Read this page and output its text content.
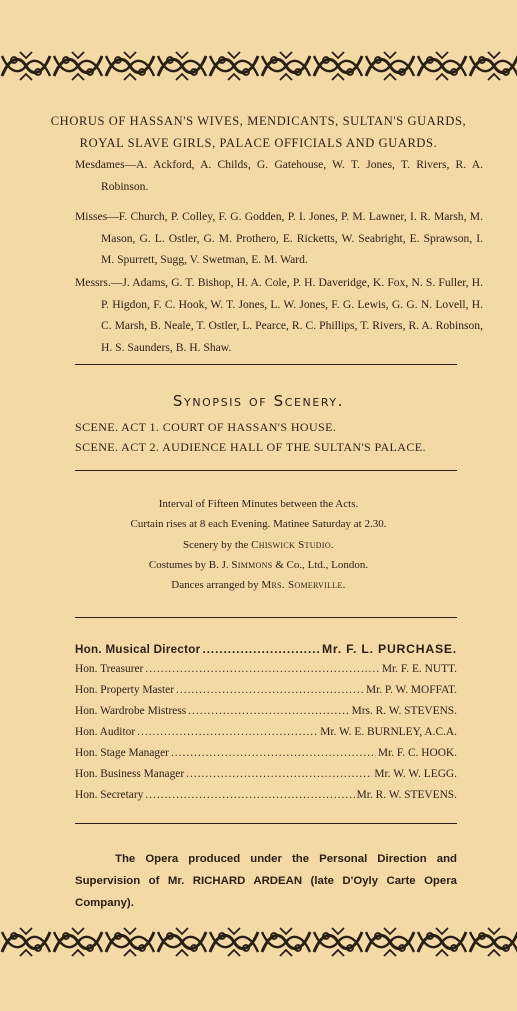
CHORUS OF HASSAN'S WIVES, MENDICANTS, SULTAN'S GUARDS,
ROYAL SLAVE GIRLS, PALACE OFFICIALS AND GUARDS.
Mesdames—A. Ackford, A. Childs, G. Gatehouse, W. T. Jones, T. Rivers, R. A. Robinson.
Misses—F. Church, P. Colley, F. G. Godden, P. I. Jones, P. M. Lawner, I. R. Marsh, M. Mason, G. L. Ostler, G. M. Prothero, E. Ricketts, W. Seabright, E. Sprawson, I. M. Spurrett, Sugg, V. Swetman, E. M. Ward.
Messrs.—J. Adams, G. T. Bishop, H. A. Cole, P. H. Daveridge, K. Fox, N. S. Fuller, H. P. Higdon, F. C. Hook, W. T. Jones, L. W. Jones, F. G. Lewis, G. G. N. Lovell, H. C. Marsh, B. Neale, T. Ostler, L. Pearce, R. C. Phillips, T. Rivers, R. A. Robinson, H. S. Saunders, B. H. Shaw.
Synopsis of Scenery.
SCENE. ACT 1. COURT OF HASSAN'S HOUSE.
SCENE. ACT 2. AUDIENCE HALL OF THE SULTAN'S PALACE.
Interval of Fifteen Minutes between the Acts.
Curtain rises at 8 each Evening. Matinee Saturday at 2.30.
Scenery by the Chiswick Studio.
Costumes by B. J. Simmons & Co., Ltd., London.
Dances arranged by Mrs. Somerville.
Hon. Musical Director .....	Mr. F. L. PURCHASE.
Hon. Treasurer .....	Mr. F. E. NUTT.
Hon. Property Master .....	Mr. P. W. MOFFAT.
Hon. Wardrobe Mistress .....	Mrs. R. W. STEVENS.
Hon. Auditor .....	Mr. W. E. BURNLEY, A.C.A.
Hon. Stage Manager .....	Mr. F. C. HOOK.
Hon. Business Manager .....	Mr. W. W. LEGG.
Hon. Secretary .....	Mr. R. W. STEVENS.
The Opera produced under the Personal Direction and Supervision of Mr. RICHARD ARDEAN (late D'Oyly Carte Opera Company).
